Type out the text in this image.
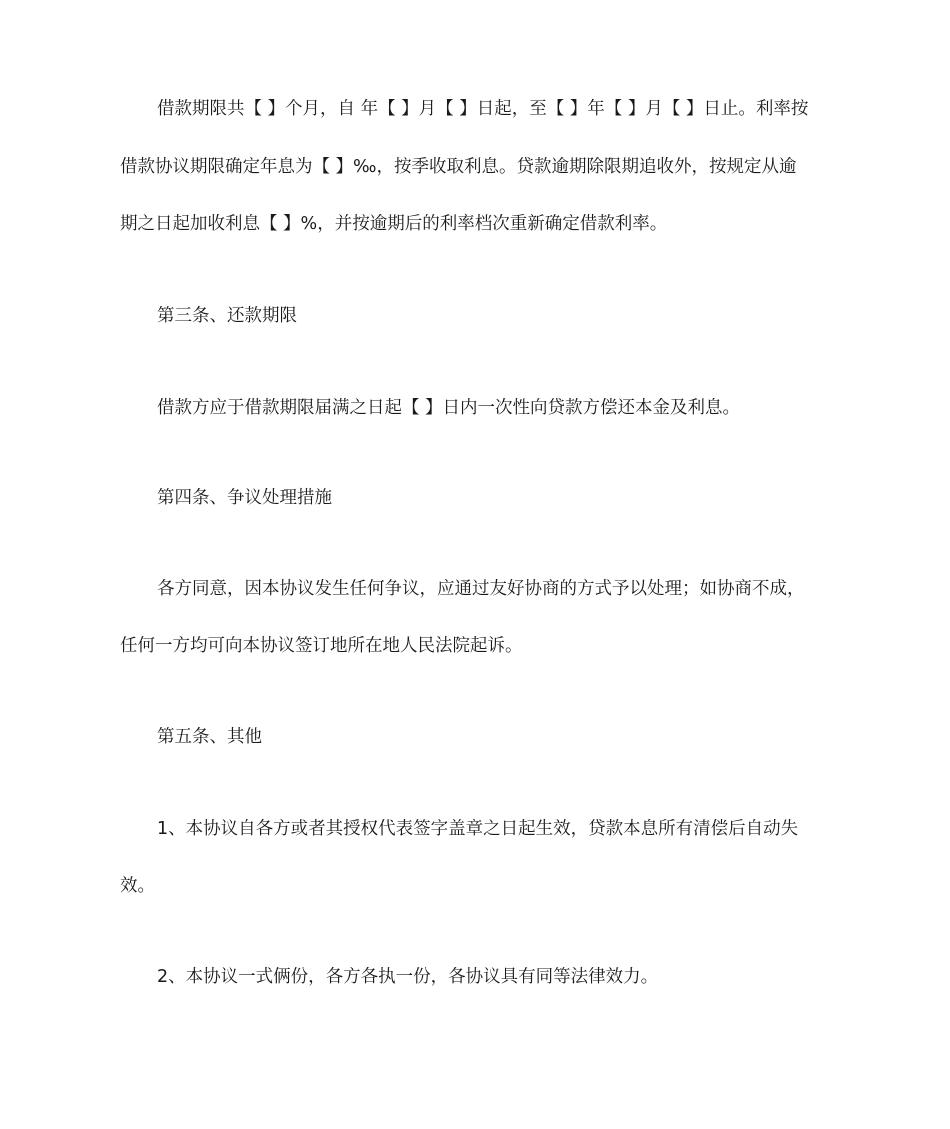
借款期限共【 】个月，自 年【 】月【 】日起，至【 】年【 】月【 】日止。利率按
借款协议期限确定年息为【 】‰，按季收取利息。贷款逾期除限期追收外，按规定从逾
期之日起加收利息【 】%，并按逾期后的利率档次重新确定借款利率。
第三条、还款期限
借款方应于借款期限届满之日起【 】日内一次性向贷款方偿还本金及利息。
第四条、争议处理措施
各方同意，因本协议发生任何争议，应通过友好协商的方式予以处理；如协商不成，
任何一方均可向本协议签订地所在地人民法院起诉。
第五条、其他
1、本协议自各方或者其授权代表签字盖章之日起生效，贷款本息所有清偿后自动失
效。
2、本协议一式俩份，各方各执一份，各协议具有同等法律效力。
